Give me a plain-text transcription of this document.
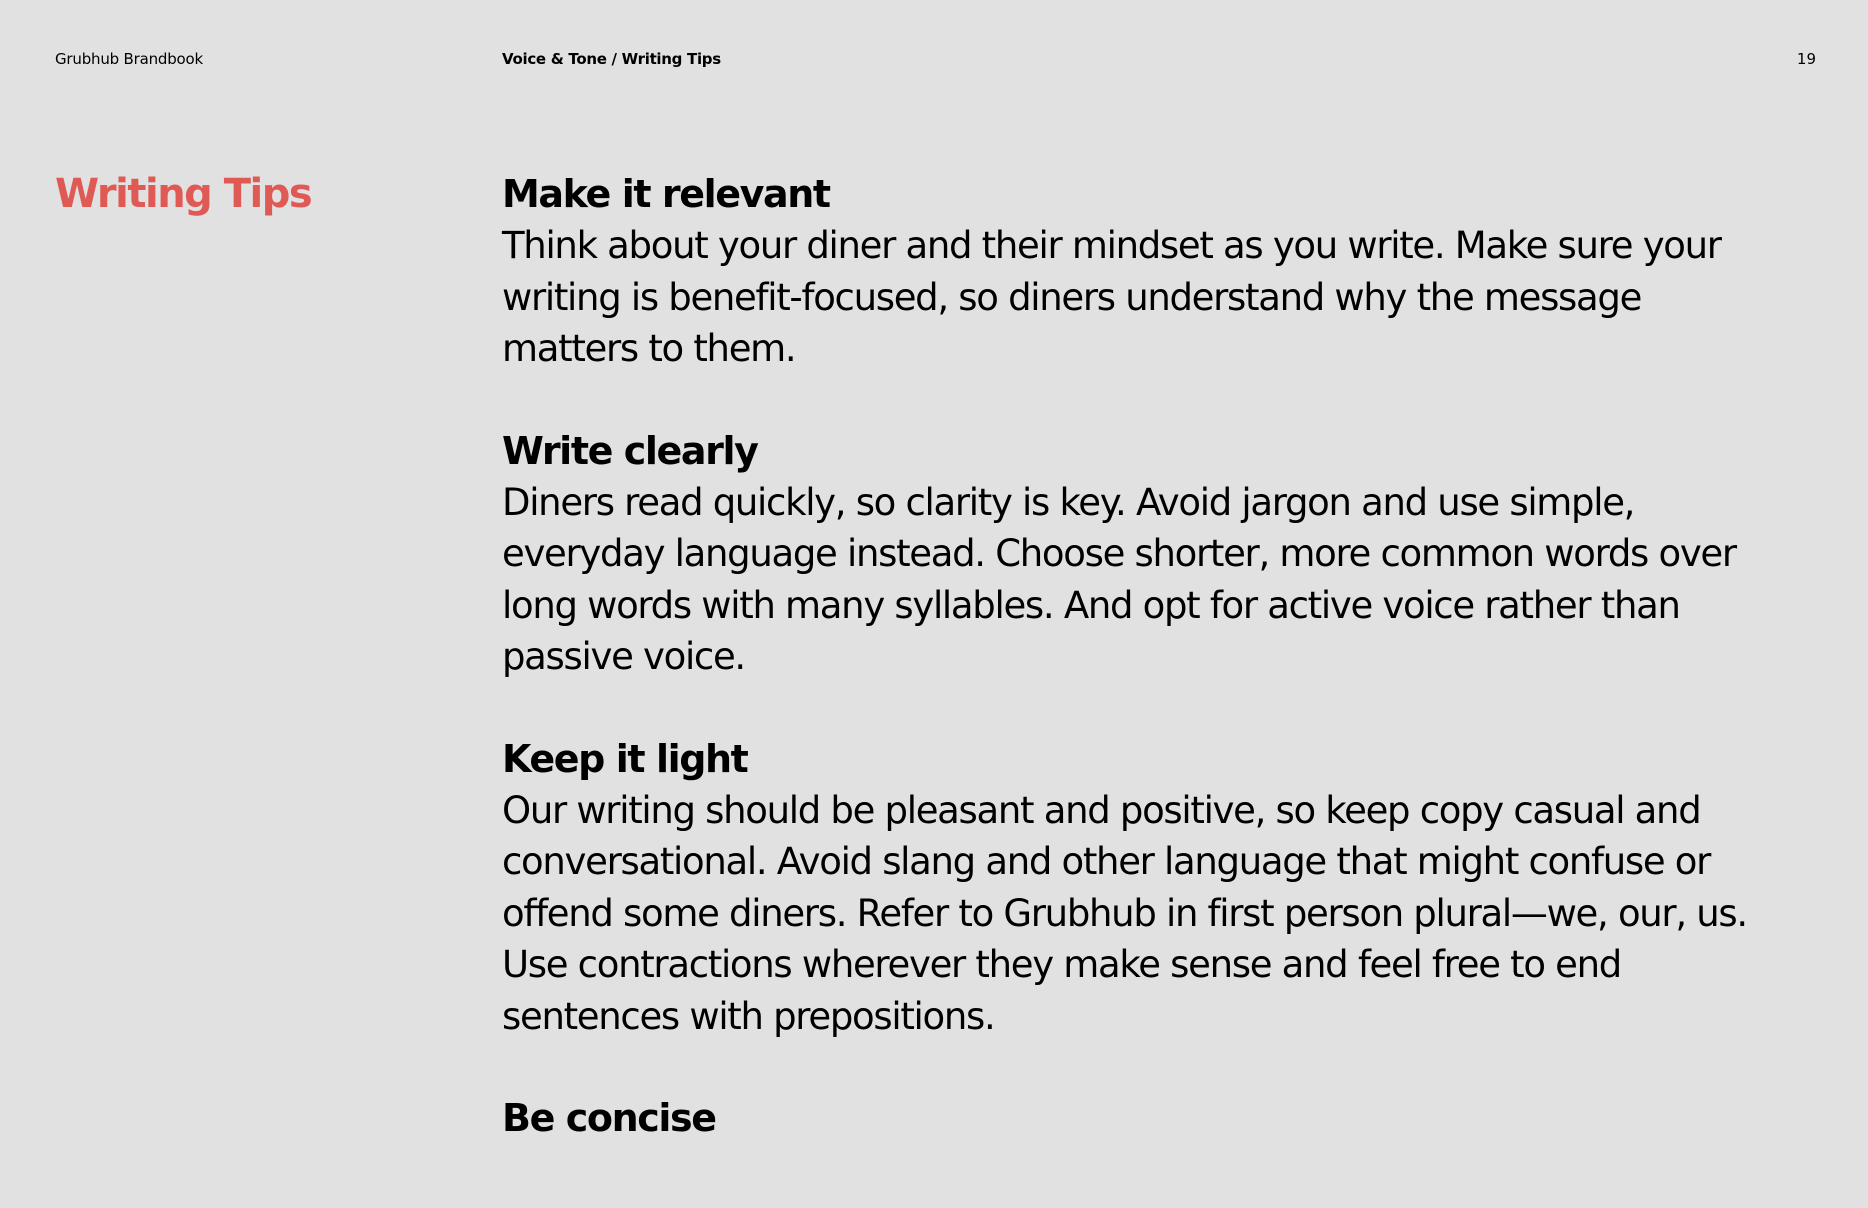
Grubhub Brandbook	Voice & Tone / Writing Tips	19
Writing Tips	Make it relevant

Think about your diner and their mindset as you write. Make sure your writing is benefit-focused, so diners understand why the message matters to them.

Write clearly

Diners read quickly, so clarity is key. Avoid jargon and use simple, everyday language instead. Choose shorter, more common words over long words with many syllables. And opt for active voice rather than passive voice.

Keep it light

Our writing should be pleasant and positive, so keep copy casual and conversational. Avoid slang and other language that might confuse or offend some diners. Refer to Grubhub in first person plural—we, our, us. Use contractions wherever they make sense and feel free to end sentences with prepositions.

Be concise
